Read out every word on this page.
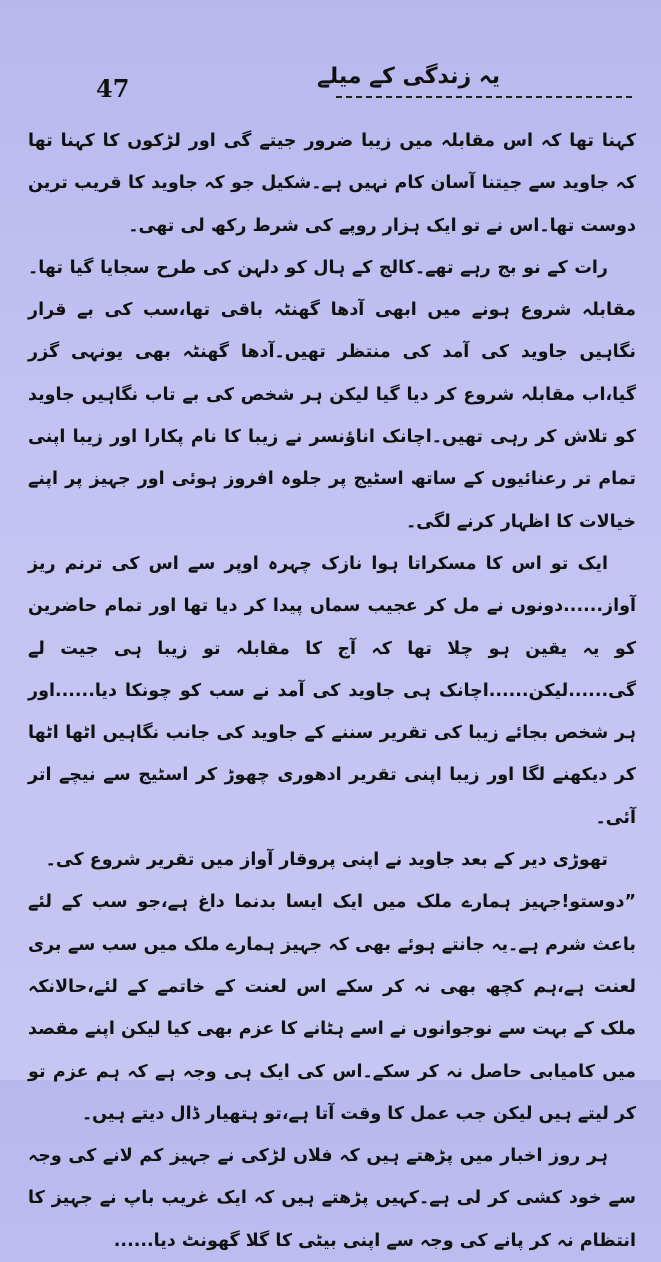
47	یہ زندگی کے میلے

کہنا تھا کہ اس مقابلہ میں زیبا ضرور جیتے گی اور لڑکوں کا کہنا تھا کہ جاوید سے جیتنا آسان کام نہیں ہے۔شکیل جو کہ جاوید کا قریب ترین دوست تھا۔اس نے تو ایک ہزار روپے کی شرط رکھ لی تھی۔

رات کے نو بج رہے تھے۔کالج کے ہال کو دلہن کی طرح سجایا گیا تھا۔مقابلہ شروع ہونے میں ابھی آدھا گھنٹہ باقی تھا،سب کی بے قرار نگاہیں جاوید کی آمد کی منتظر تھیں۔آدھا گھنٹہ بھی یونہی گزر گیا،اب مقابلہ شروع کر دیا گیا لیکن ہر شخص کی بے تاب نگاہیں جاوید کو تلاش کر رہی تھیں۔اچانک اناؤنسر نے زیبا کا نام پکارا اور زیبا اپنی تمام تر رعنائیوں کے ساتھ اسٹیج پر جلوہ افروز ہوئی اور جہیز پر اپنے خیالات کا اظہار کرنے لگی۔

ایک تو اس کا مسکراتا ہوا نازک چہرہ اوپر سے اس کی ترنم ریز آواز......دونوں نے مل کر عجیب سماں پیدا کر دیا تھا اور تمام حاضرین کو یہ یقین ہو چلا تھا کہ آج کا مقابلہ تو زیبا ہی جیت لے گی......لیکن......اچانک ہی جاوید کی آمد نے سب کو چونکا دیا......اور ہر شخص بجائے زیبا کی تقریر سننے کے جاوید کی جانب نگاہیں اٹھا اٹھا کر دیکھنے لگا اور زیبا اپنی تقریر ادھوری چھوڑ کر اسٹیج سے نیچے اتر آئی۔

تھوڑی دیر کے بعد جاوید نے اپنی پروقار آواز میں تقریر شروع کی۔

”دوستو!جہیز ہمارے ملک میں ایک ایسا بدنما داغ ہے،جو سب کے لئے باعث شرم ہے۔یہ جانتے ہوئے بھی کہ جہیز ہمارے ملک میں سب سے بری لعنت ہے،ہم کچھ بھی نہ کر سکے اس لعنت کے خاتمے کے لئے،حالانکہ ملک کے بہت سے نوجوانوں نے اسے ہٹانے کا عزم بھی کیا لیکن اپنے مقصد میں کامیابی حاصل نہ کر سکے۔اس کی ایک ہی وجہ ہے کہ ہم عزم تو کر لیتے ہیں لیکن جب عمل کا وقت آتا ہے،تو ہتھیار ڈال دیتے ہیں۔

ہر روز اخبار میں پڑھتے ہیں کہ فلاں لڑکی نے جہیز کم لانے کی وجہ سے خود کشی کر لی ہے۔کہیں پڑھتے ہیں کہ ایک غریب باپ نے جہیز کا انتظام نہ کر پانے کی وجہ سے اپنی بیٹی کا گلا گھونٹ دیا......
